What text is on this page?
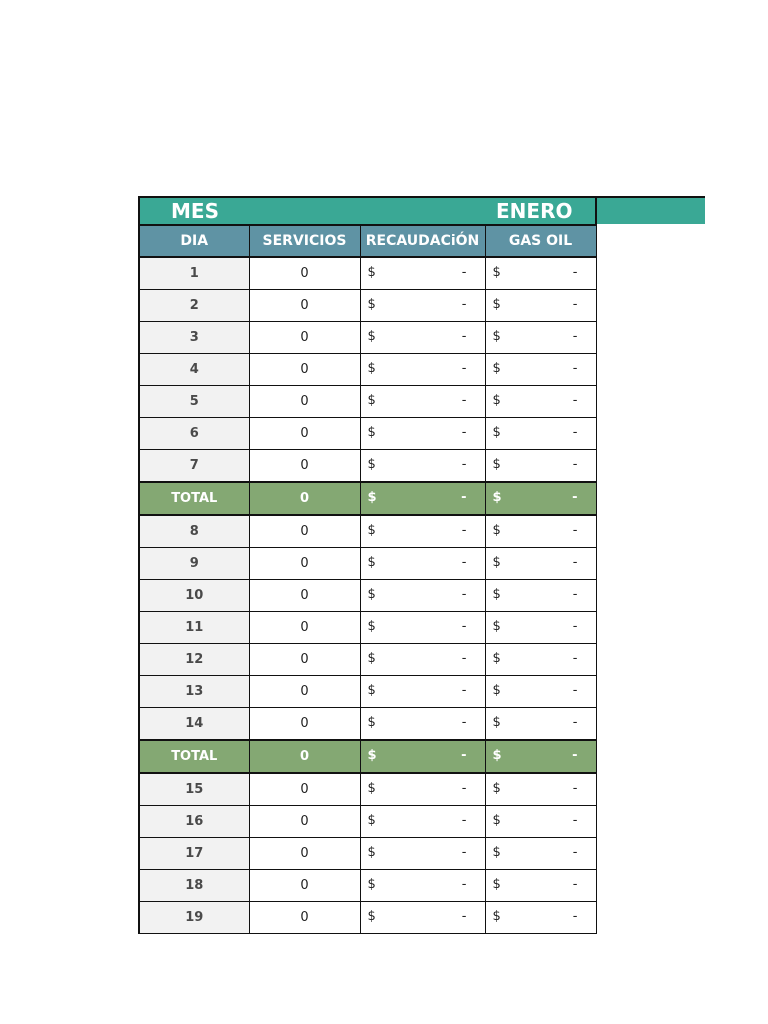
MES	ENERO
DIA	SERVICIOS	RECAUDACiÓN	GAS OIL
1	0	$ -	$ -

2	0	$ -	$ -

3	0	$ -	$ -

4	0	$ -	$ -

5	0	$ -	$ -

6	0	$ -	$ -

7	0	$ -	$ -

TOTAL	0	$ -	$ -

8	0	$ -	$ -

9	0	$ -	$ -

10	0	$ -	$ -

11	0	$ -	$ -

12	0	$ -	$ -

13	0	$ -	$ -

14	0	$ -	$ -

TOTAL	0	$ -	$ -

15	0	$ -	$ -

16	0	$ -	$ -

17	0	$ -	$ -

18	0	$ -	$ -

19	0	$ -	$ -
